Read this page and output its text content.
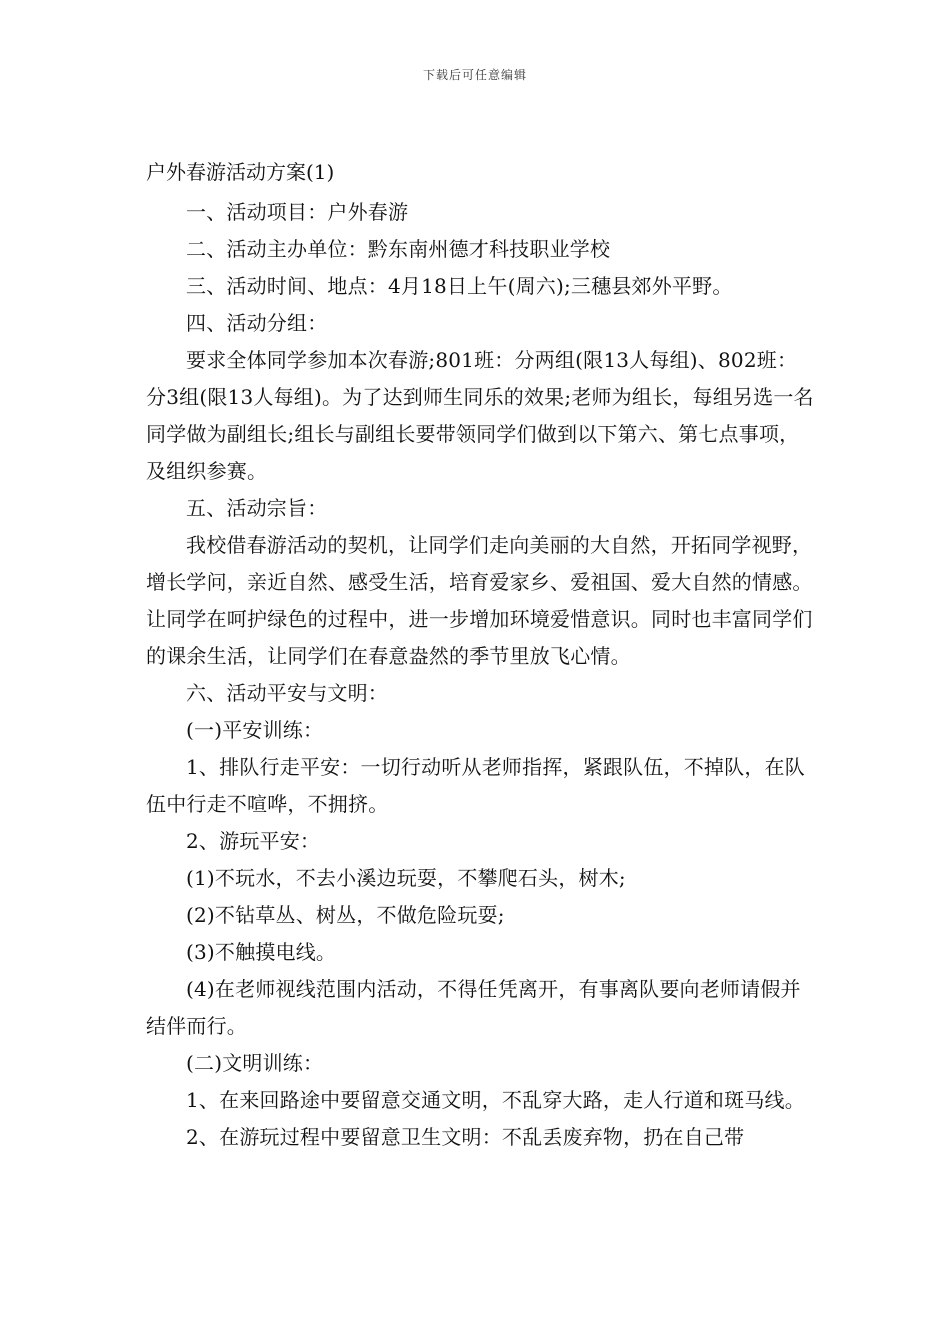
下载后可任意编辑
户外春游活动方案(1)

一、活动项目：户外春游

二、活动主办单位：黔东南州德才科技职业学校

三、活动时间、地点：4月18日上午(周六);三穗县郊外平野。

四、活动分组：

要求全体同学参加本次春游;801班：分两组(限13人每组)、802班：分3组(限13人每组)。为了达到师生同乐的效果;老师为组长，每组另选一名同学做为副组长;组长与副组长要带领同学们做到以下第六、第七点事项，及组织参赛。

五、活动宗旨：

我校借春游活动的契机，让同学们走向美丽的大自然，开拓同学视野，增长学问，亲近自然、感受生活，培育爱家乡、爱祖国、爱大自然的情感。让同学在呵护绿色的过程中，进一步增加环境爱惜意识。同时也丰富同学们的课余生活，让同学们在春意盎然的季节里放飞心情。

六、活动平安与文明：

(一)平安训练：

1、排队行走平安：一切行动听从老师指挥，紧跟队伍，不掉队，在队伍中行走不喧哗，不拥挤。

2、游玩平安：

(1)不玩水，不去小溪边玩耍，不攀爬石头，树木;

(2)不钻草丛、树丛，不做危险玩耍;

(3)不触摸电线。

(4)在老师视线范围内活动，不得任凭离开，有事离队要向老师请假并结伴而行。

(二)文明训练：

1、在来回路途中要留意交通文明，不乱穿大路，走人行道和斑马线。

2、在游玩过程中要留意卫生文明：不乱丢废弃物，扔在自己带
